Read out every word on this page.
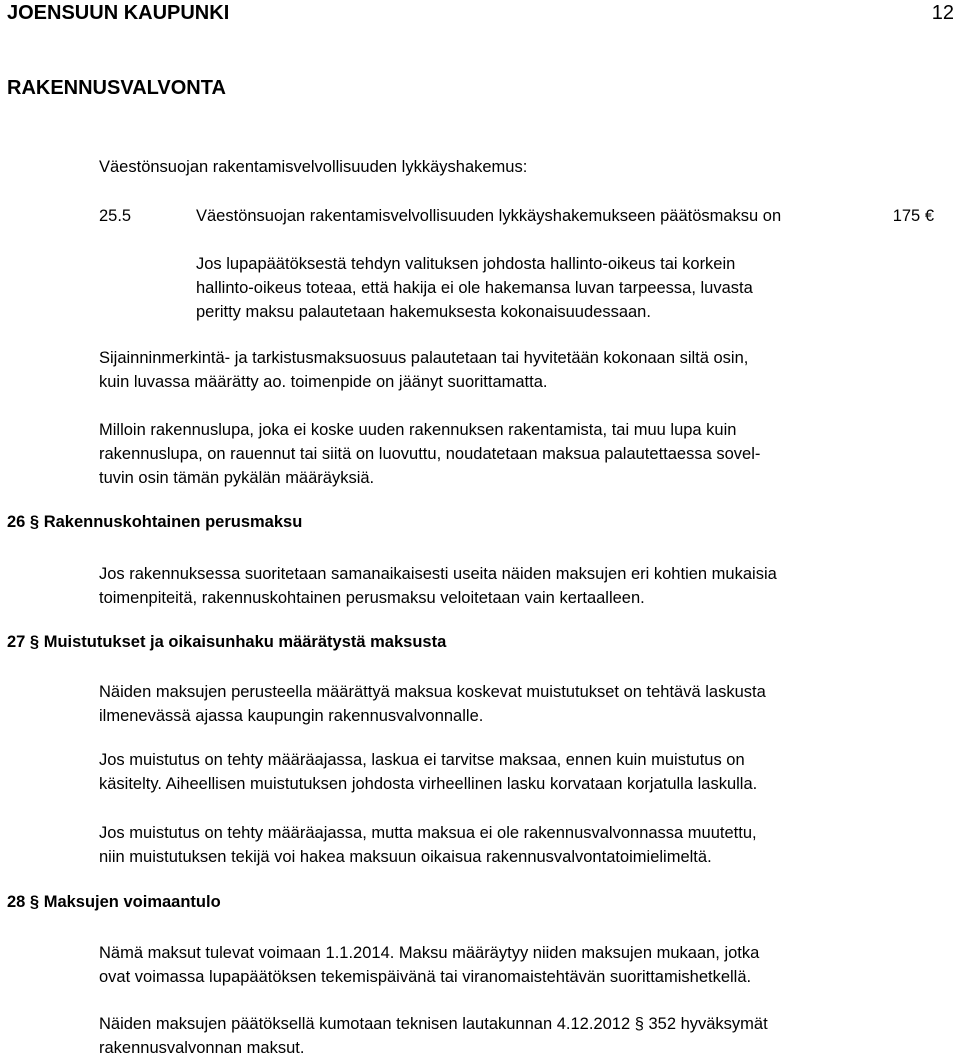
JOENSUUN KAUPUNKI	12
RAKENNUSVALVONTA
Väestönsuojan rakentamisvelvollisuuden lykkäyshakemus:
25.5	Väestönsuojan rakentamisvelvollisuuden lykkäyshakemukseen päätösmaksu on	175 €
Jos lupapäätöksestä tehdyn valituksen johdosta hallinto-oikeus tai korkein
hallinto-oikeus toteaa, että hakija ei ole hakemansa luvan tarpeessa, luvasta
peritty maksu palautetaan hakemuksesta kokonaisuudessaan.
Sijainninmerkintä- ja tarkistusmaksuosuus palautetaan tai hyvitetään kokonaan siltä osin,
kuin luvassa määrätty ao. toimenpide on jäänyt suorittamatta.
Milloin rakennuslupa, joka ei koske uuden rakennuksen rakentamista, tai muu lupa kuin
rakennuslupa, on rauennut tai siitä on luovuttu, noudatetaan maksua palautettaessa sovel-
tuvin osin tämän pykälän määräyksiä.
26 § Rakennuskohtainen perusmaksu
Jos rakennuksessa suoritetaan samanaikaisesti useita näiden maksujen eri kohtien mukaisia
toimenpiteitä, rakennuskohtainen perusmaksu veloitetaan vain kertaalleen.
27 § Muistutukset ja oikaisunhaku määrätystä maksusta
Näiden maksujen perusteella määrättyä maksua koskevat muistutukset on tehtävä laskusta
ilmenevässä ajassa kaupungin rakennusvalvonnalle.
Jos muistutus on tehty määräajassa, laskua ei tarvitse maksaa, ennen kuin muistutus on
käsitelty. Aiheellisen muistutuksen johdosta virheellinen lasku korvataan korjatulla laskulla.
Jos muistutus on tehty määräajassa, mutta maksua ei ole rakennusvalvonnassa muutettu,
niin muistutuksen tekijä voi hakea maksuun oikaisua rakennusvalvontatoimielimeltä.
28 § Maksujen voimaantulo
Nämä maksut tulevat voimaan 1.1.2014. Maksu määräytyy niiden maksujen mukaan, jotka
ovat voimassa lupapäätöksen tekemispäivänä tai viranomaistehtävän suorittamishetkellä.
Näiden maksujen päätöksellä kumotaan teknisen lautakunnan 4.12.2012 § 352 hyväksymät
rakennusvalvonnan maksut.
